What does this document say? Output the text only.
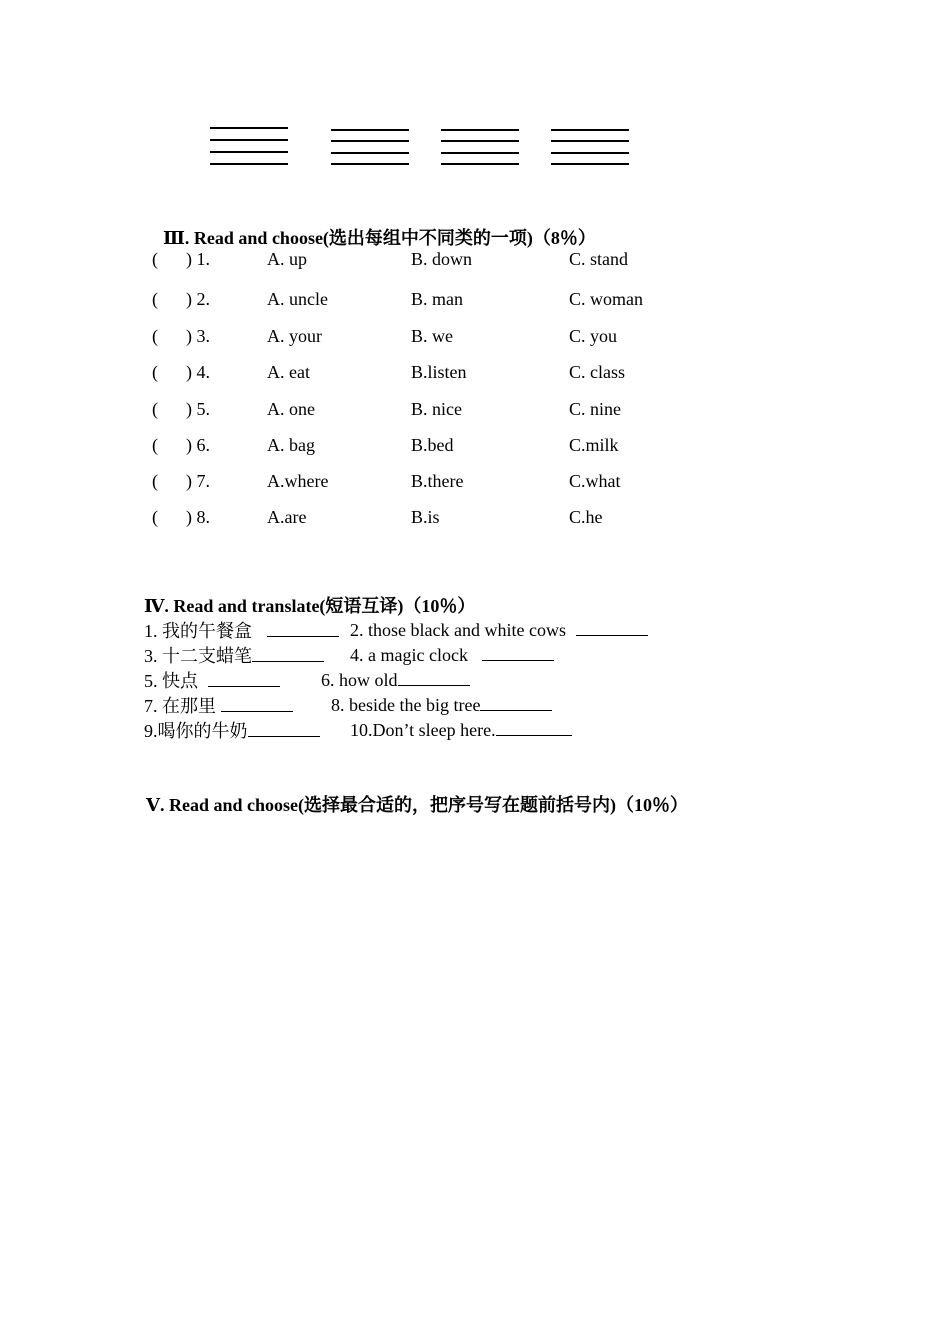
Ⅲ. Read and choose(选出每组中不同类的一项)（8％）
( ) 1.	A. up	B. down	C. stand
( ) 2.	A. uncle	B. man	C. woman
( ) 3.	A. your	B. we	C. you
( ) 4.	A. eat	B.listen	C. class
( ) 5.	A. one	B. nice	C. nine
( ) 6.	A. bag	B.bed	C.milk
( ) 7.	A.where	B.there	C.what
( ) 8.	A.are	B.is	C.he
Ⅳ. Read and translate(短语互译)（10％）
1. 我的午餐盒	2. those black and white cows
3. 十二支蜡笔	4. a magic clock
5. 快点	6. how old
7. 在那里	8. beside the big tree
9.喝你的牛奶	10.Don’t sleep here.
Ⅴ. Read and choose(选择最合适的，把序号写在题前括号内)（10％）
